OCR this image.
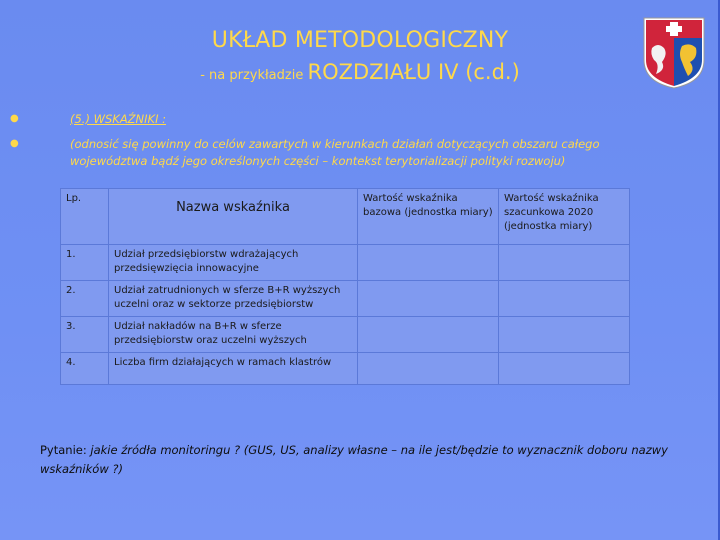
UKŁAD METODOLOGICZNY
- na przykładzie ROZDZIAŁU IV (c.d.)
●	(5.) WSKAŹNIKI :
●	(odnosić się powinny do celów zawartych w kierunkach działań dotyczących obszaru całego województwa bądź jego określonych części – kontekst terytorializacji polityki rozwoju)
Lp.	Nazwa wskaźnika	Wartość wskaźnika bazowa (jednostka miary)	Wartość wskaźnika szacunkowa 2020 (jednostka miary)
1.	Udział przedsiębiorstw wdrażających przedsięwzięcia innowacyjne		
2.	Udział zatrudnionych w sferze B+R wyższych uczelni oraz w sektorze przedsiębiorstw		
3.	Udział nakładów na B+R w sferze przedsiębiorstw oraz uczelni wyższych		
4.	Liczba firm działających w ramach klastrów		
Pytanie: jakie źródła monitoringu ? (GUS, US, analizy własne – na ile jest/będzie to wyznacznik doboru nazwy wskaźników ?)
